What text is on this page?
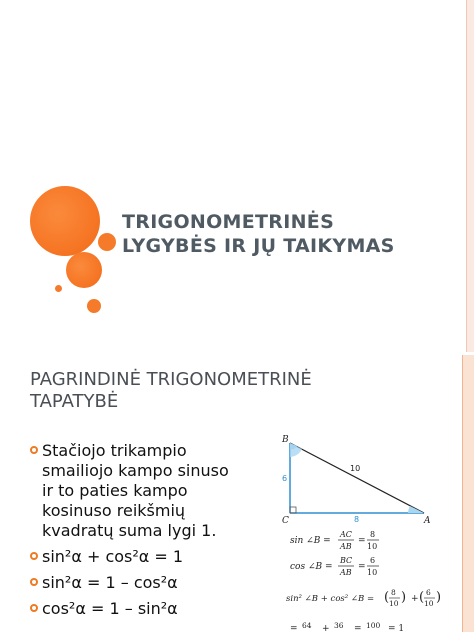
TRIGONOMETRINĖS
LYGYBĖS IR JŲ TAIKYMAS
PAGRINDINĖ TRIGONOMETRINĖ
TAPATYBĖ
Stačiojo trikampio
smailiojo kampo sinuso
ir to paties kampo
kosinuso reikšmių
kvadratų suma lygi 1.
sin²α + cos²α = 1
sin²α = 1 – cos²α
cos²α = 1 – sin²α
B
C	A
10
6
8
sin ∠B =
AC
AB
=
8
10
cos ∠B =
BC
AB
=
6
10
sin² ∠B + cos² ∠B = ( 8
10 ) + ( 6
10 )
= 64 + 36 = 100 = 1
